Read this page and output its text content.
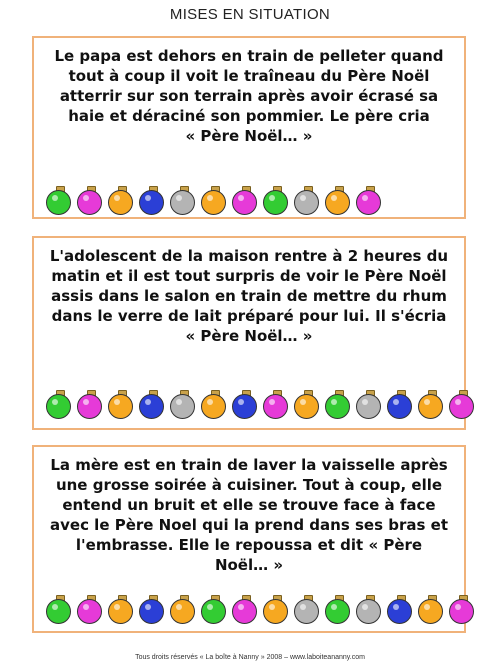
MISES EN SITUATION
Le papa est dehors en train de pelleter quand
tout à coup il voit le traîneau du Père Noël
atterrir sur son terrain après avoir écrasé sa
haie et déraciné son pommier. Le père cria
« Père Noël… »
L'adolescent de la maison rentre à 2 heures du
matin et il est tout surpris de voir le Père Noël
assis dans le salon en train de mettre du rhum
dans le verre de lait préparé pour lui. Il s'écria
« Père Noël… »
La mère est en train de laver la vaisselle après
une grosse soirée à cuisiner. Tout à coup, elle
entend un bruit et elle se trouve face à face
avec le Père Noel qui la prend dans ses bras et
l'embrasse. Elle le repoussa et dit « Père
Noël… »
Tous droits réservés « La boîte à Nanny » 2008 – www.laboiteananny.com
